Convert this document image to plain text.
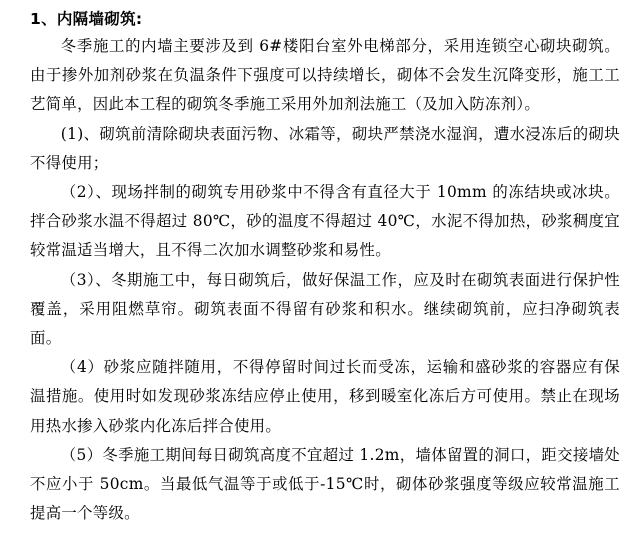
1、内隔墙砌筑:

冬季施工的内墙主要涉及到 6#楼阳台室外电梯部分，采用连锁空心砌块砌筑。由于掺外加剂砂浆在负温条件下强度可以持续增长，砌体不会发生沉降变形，施工工艺简单，因此本工程的砌筑冬季施工采用外加剂法施工（及加入防冻剂）。

(1)、砌筑前清除砌块表面污物、冰霜等，砌块严禁浇水湿润，遭水浸冻后的砌块不得使用；

（2）、现场拌制的砌筑专用砂浆中不得含有直径大于 10mm 的冻结块或冰块。拌合砂浆水温不得超过 80℃，砂的温度不得超过 40℃，水泥不得加热，砂浆稠度宜较常温适当增大，且不得二次加水调整砂浆和易性。

（3）、冬期施工中，每日砌筑后，做好保温工作，应及时在砌筑表面进行保护性覆盖，采用阻燃草帘。砌筑表面不得留有砂浆和积水。继续砌筑前，应扫净砌筑表面。

（4）砂浆应随拌随用，不得停留时间过长而受冻，运输和盛砂浆的容器应有保温措施。使用时如发现砂浆冻结应停止使用，移到暖室化冻后方可使用。禁止在现场用热水掺入砂浆内化冻后拌合使用。

（5）冬季施工期间每日砌筑高度不宜超过 1.2m，墙体留置的洞口，距交接墙处不应小于 50cm。当最低气温等于或低于-15℃时，砌体砂浆强度等级应较常温施工提高一个等级。
